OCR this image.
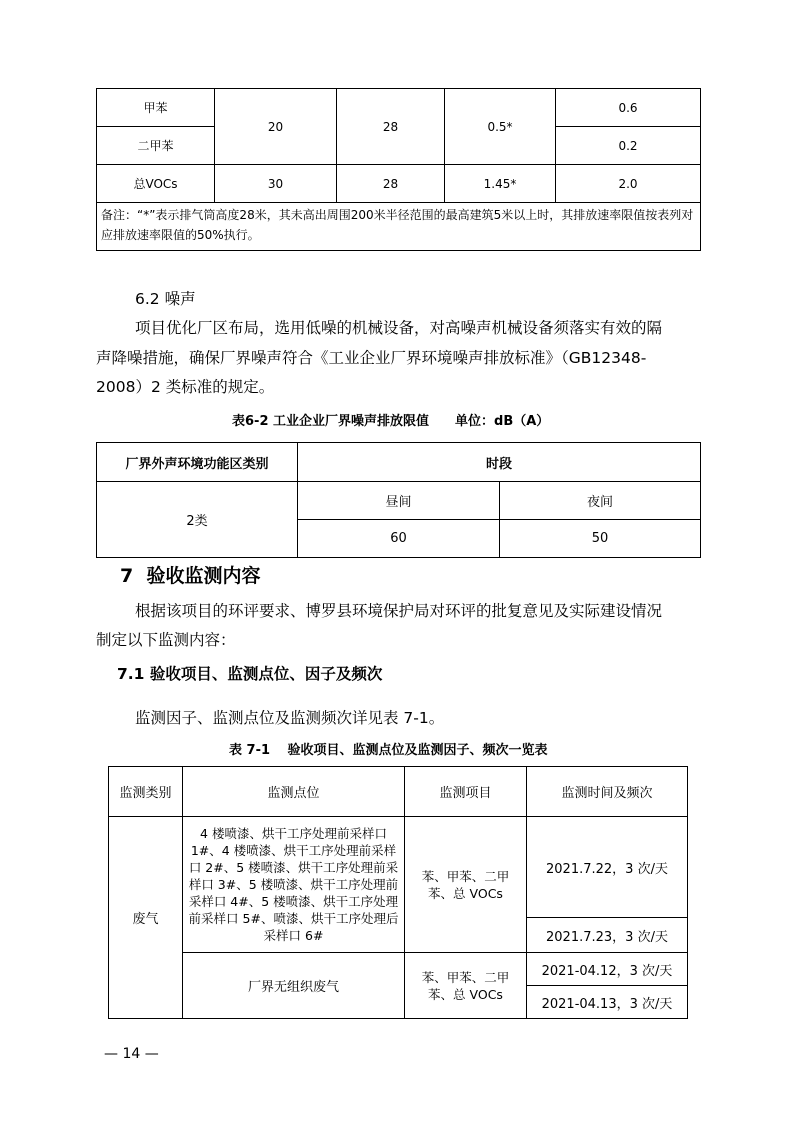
甲苯	20	28	0.5*	0.6
二甲苯				0.2
总VOCs	30	28	1.45*	2.0
备注：“*”表示排气筒高度28米，其未高出周围200米半径范围的最高建筑5米以上时，其排放速率限值按表列对应排放速率限值的50%执行。				
6.2 噪声
项目优化厂区布局，选用低噪的机械设备，对高噪声机械设备须落实有效的隔
声降噪措施，确保厂界噪声符合《工业企业厂界环境噪声排放标准》（GB12348-
2008）2 类标准的规定。
表6-2 工业企业厂界噪声排放限值　　单位：dB（A）
厂界外声环境功能区类别	时段	
2类	昼间	夜间
	60	50
7  验收监测内容
根据该项目的环评要求、博罗县环境保护局对环评的批复意见及实际建设情况
制定以下监测内容：
7.1 验收项目、监测点位、因子及频次
监测因子、监测点位及监测频次详见表 7-1。
表 7-1　 验收项目、监测点位及监测因子、频次一览表
监测类别	监测点位	监测项目	监测时间及频次
废气	4 楼喷漆、烘干工序处理前采样口 1#、4 楼喷漆、烘干工序处理前采样口 2#、5 楼喷漆、烘干工序处理前采样口 3#、5 楼喷漆、烘干工序处理前采样口 4#、5 楼喷漆、烘干工序处理前采样口 5#、喷漆、烘干工序处理后采样口 6#	苯、甲苯、二甲苯、总 VOCs	2021.7.22，3 次/天
			2021.7.23，3 次/天
	厂界无组织废气	苯、甲苯、二甲苯、总 VOCs	2021-04.12，3 次/天
			2021-04.13，3 次/天
— 14 —
